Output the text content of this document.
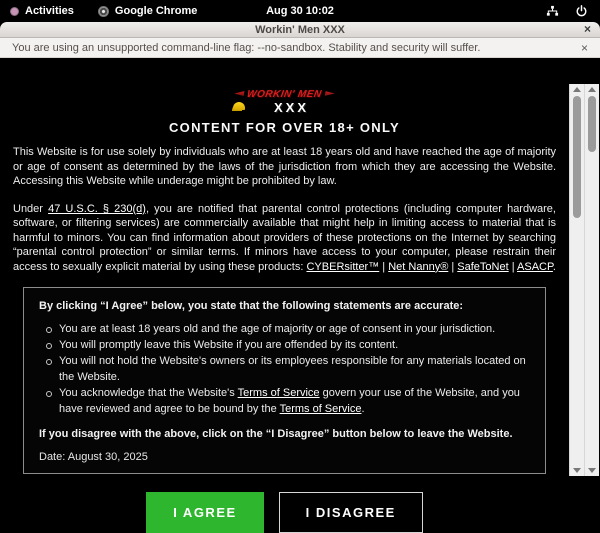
Activities	Google Chrome	Aug 30 10:02
Workin' Men XXX	×
You are using an unsupported command-line flag: --no-sandbox. Stability and security will suffer.	×
WORKIN' MEN
XXX
CONTENT FOR OVER 18+ ONLY

This Website is for use solely by individuals who are at least 18 years old and have reached the age of majority or age of consent as determined by the laws of the jurisdiction from which they are accessing the Website. Accessing this Website while underage might be prohibited by law.

Under 47 U.S.C. § 230(d), you are notified that parental control protections (including computer hardware, software, or filtering services) are commercially available that might help in limiting access to material that is harmful to minors. You can find information about providers of these protections on the Internet by searching “parental control protection” or similar terms. If minors have access to your computer, please restrain their access to sexually explicit material by using these products: CYBERsitter™ | Net Nanny® | SafeToNet | ASACP.

By clicking “I Agree” below, you state that the following statements are accurate:

You are at least 18 years old and the age of majority or age of consent in your jurisdiction.
You will promptly leave this Website if you are offended by its content.
You will not hold the Website's owners or its employees responsible for any materials located on the Website.
You acknowledge that the Website's Terms of Service govern your use of the Website, and you have reviewed and agree to be bound by the Terms of Service.

If you disagree with the above, click on the “I Disagree” button below to leave the Website.

Date: August 30, 2025

I AGREE	I DISAGREE
